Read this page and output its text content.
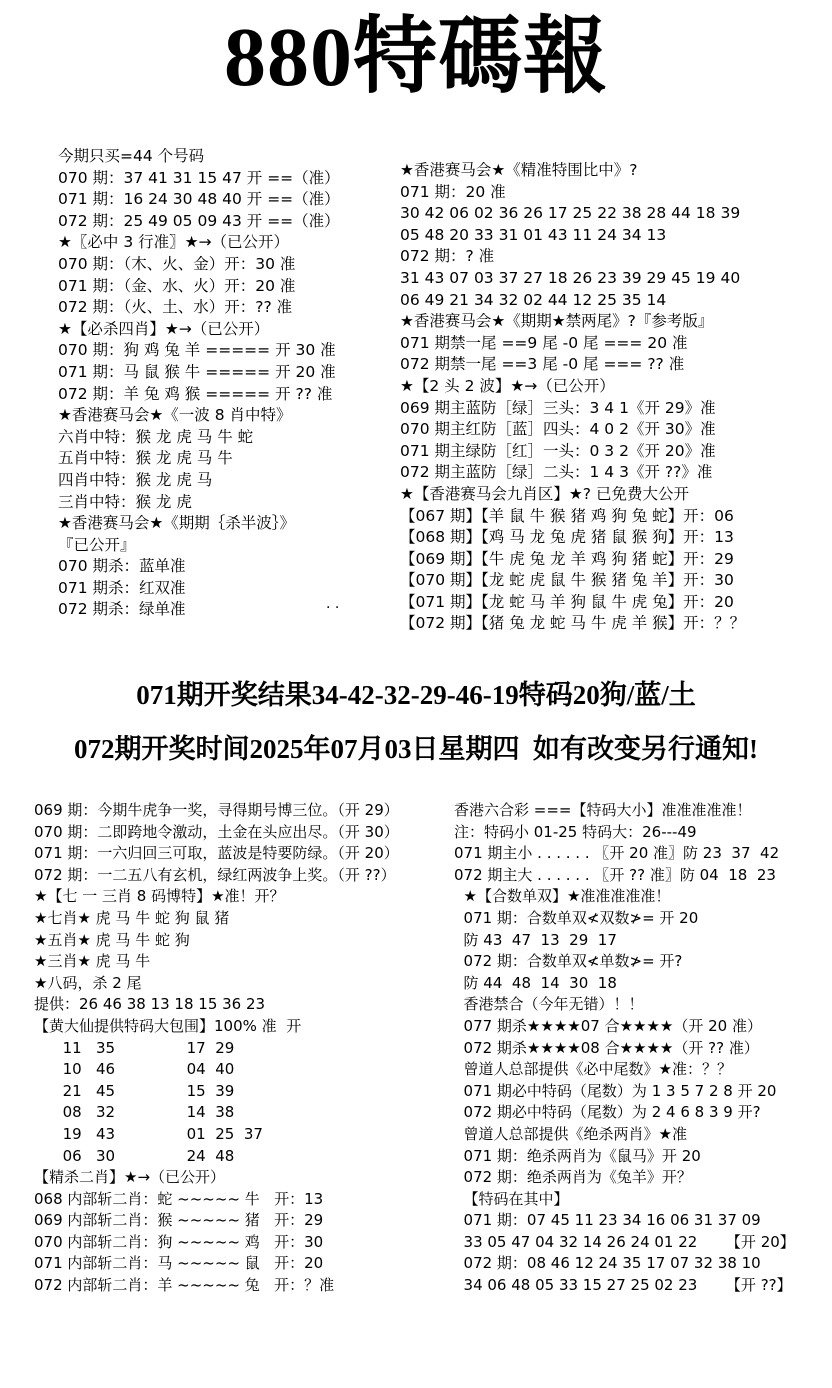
880特碼報
今期只买=44 个号码
070 期：37 41 31 15 47 开 ==（准）
071 期：16 24 30 48 40 开 ==（准）
072 期：25 49 05 09 43 开 ==（准）
★〖必中 3 行准〗★→（已公开）
070 期：（木、火、金）开：30 准
071 期：（金、水、火）开：20 准
072 期：（火、土、水）开：?? 准
★【必杀四肖】★→（已公开）
070 期：狗 鸡 兔 羊 ===== 开 30 准
071 期：马 鼠 猴 牛 ===== 开 20 准
072 期：羊 兔 鸡 猴 ===== 开 ?? 准
★香港赛马会★《一波 8 肖中特》
六肖中特：猴 龙 虎 马 牛 蛇
五肖中特：猴 龙 虎 马 牛
四肖中特：猴 龙 虎 马
三肖中特：猴 龙 虎
★香港赛马会★《期期｛杀半波｝》
『已公开』
070 期杀：蓝单准
071 期杀：红双准
072 期杀：绿单准
★香港赛马会★《精准特围比中》?
071 期：20 准
30 42 06 02 36 26 17 25 22 38 28 44 18 39
05 48 20 33 31 01 43 11 24 34 13
072 期：? 准
31 43 07 03 37 27 18 26 23 39 29 45 19 40
06 49 21 34 32 02 44 12 25 35 14
★香港赛马会★《期期★禁两尾》?『参考版』
071 期禁一尾 ==9 尾 -0 尾 === 20 准
072 期禁一尾 ==3 尾 -0 尾 === ?? 准
★【2 头 2 波】★→（已公开）
069 期主蓝防［绿］三头：3 4 1《开 29》准
070 期主红防［蓝］四头：4 0 2《开 30》准
071 期主绿防［红］一头：0 3 2《开 20》准
072 期主蓝防［绿］二头：1 4 3《开 ??》准
★【香港赛马会九肖区】★? 已免费大公开
【067 期】【羊 鼠 牛 猴 猪 鸡 狗 兔 蛇】开：06
【068 期】【鸡 马 龙 兔 虎 猪 鼠 猴 狗】开：13
【069 期】【牛 虎 兔 龙 羊 鸡 狗 猪 蛇】开：29
【070 期】【龙 蛇 虎 鼠 牛 猴 猪 兔 羊】开：30
【071 期】【龙 蛇 马 羊 狗 鼠 牛 虎 兔】开：20
【072 期】【猪 兔 龙 蛇 马 牛 虎 羊 猴】开：？？
. .
071期开奖结果34-42-32-29-46-19特码20狗/蓝/土
072期开奖时间2025年07月03日星期四  如有改变另行通知!
069 期：今期牛虎争一奖，寻得期号博三位。（开 29）
070 期：二即跨地令激动，土金在头应出尽。（开 30）
071 期：一六归回三可取，蓝波是特要防绿。（开 20）
072 期：一二五八有玄机，绿红两波争上奖。（开 ??）
★【七 一 三肖 8 码博特】★准！开？
★七肖★ 虎 马 牛 蛇 狗 鼠 猪
★五肖★ 虎 马 牛 蛇 狗
★三肖★ 虎 马 牛
★八码，杀 2 尾
提供：26 46 38 13 18 15 36 23
【黄大仙提供特码大包围】100% 准  开
11   35               17  29
10   46               04  40
21   45               15  39
08   32               14  38
19   43               01  25  37
06   30               24  48
【精杀二肖】★→（已公开）
068 内部斩二肖：蛇 ~~~~~ 牛   开：13
069 内部斩二肖：猴 ~~~~~ 猪   开：29
070 内部斩二肖：狗 ~~~~~ 鸡   开：30
071 内部斩二肖：马 ~~~~~ 鼠   开：20
072 内部斩二肖：羊 ~~~~~ 兔   开：？准
香港六合彩 ===【特码大小】准准准准准！
注：特码小 01-25 特码大：26---49
071 期主小 . . . . . . 〖开 20 准〗防 23  37  42
072 期主大 . . . . . . 〖开 ?? 准〗防 04  18  23
★【合数单双】★准准准准准！
071 期：合数单双≮双数≯= 开 20
防 43  47  13  29  17
072 期：合数单双≮单数≯= 开?
防 44  48  14  30  18
香港禁合（今年无错）！！
077 期杀★★★★07 合★★★★（开 20 准）
072 期杀★★★★08 合★★★★（开 ?? 准）
曾道人总部提供《必中尾数》★准：？？
071 期必中特码（尾数）为 1 3 5 7 2 8 开 20
072 期必中特码（尾数）为 2 4 6 8 3 9 开?
曾道人总部提供《绝杀两肖》★准
071 期：绝杀两肖为《鼠马》开 20
072 期：绝杀两肖为《兔羊》开？
【特码在其中】
071 期：07 45 11 23 34 16 06 31 37 09
33 05 47 04 32 14 26 24 01 22      【开 20】
072 期：08 46 12 24 35 17 07 32 38 10
34 06 48 05 33 15 27 25 02 23      【开 ??】
